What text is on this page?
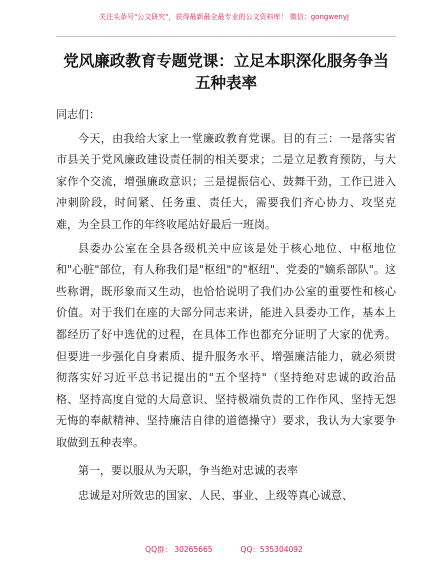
关注头条号"公文研究"，获得最新最全最专业的公文资料库！ 微信：gongwenyj
党风廉政教育专题党课：立足本职深化服务争当五种表率

同志们：

今天，由我给大家上一堂廉政教育党课。目的有三：一是落实省市县关于党风廉政建设责任制的相关要求；二是立足教育预防，与大家作个交流，增强廉政意识；三是提振信心、鼓舞干劲，工作已进入冲刺阶段，时间紧、任务重、责任大，需要我们齐心协力、攻坚克难，为全县工作的年终收尾站好最后一班岗。

县委办公室在全县各级机关中应该是处于核心地位、中枢地位和"心脏"部位，有人称我们是"枢纽"的"枢纽"、党委的"嫡系部队"。这些称谓，既形象而又生动，也恰恰说明了我们办公室的重要性和核心价值。对于我们在座的大部分同志来讲，能进入县委办工作，基本上都经历了好中选优的过程，在具体工作也都充分证明了大家的优秀。但要进一步强化自身素质、提升服务水平、增强廉洁能力，就必须贯彻落实好习近平总书记提出的"五个坚持"（坚持绝对忠诚的政治品格、坚持高度自觉的大局意识、坚持极端负责的工作作风、坚持无怨无悔的奉献精神、坚持廉洁自律的道德操守）要求，我认为大家要争取做到五种表率。

第一，要以服从为天职，争当绝对忠诚的表率

忠诚是对所效忠的国家、人民、事业、上级等真心诚意、

QQ群： 30265665	QQ：535304092
